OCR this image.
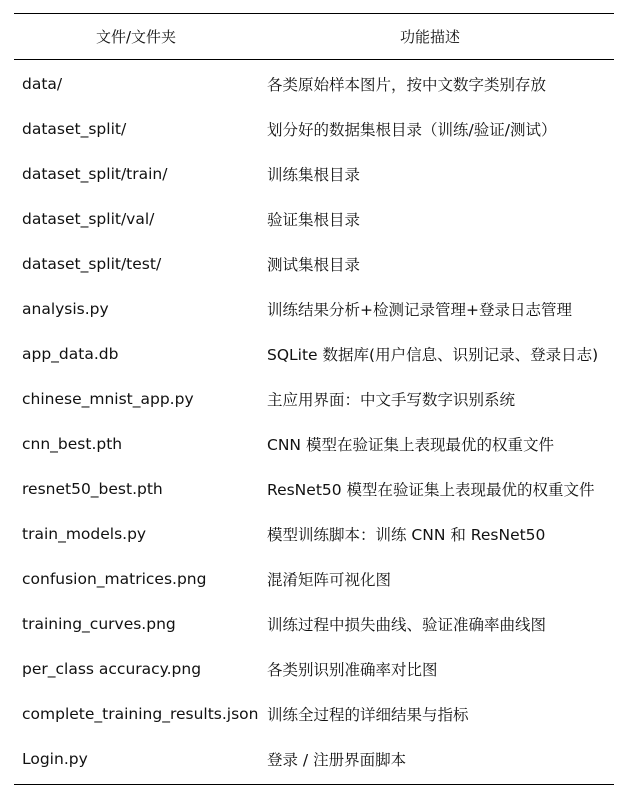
文件/文件夹	功能描述
data/	各类原始样本图片，按中文数字类别存放
dataset_split/	划分好的数据集根目录（训练/验证/测试）
dataset_split/train/	训练集根目录
dataset_split/val/	验证集根目录
dataset_split/test/	测试集根目录
analysis.py	训练结果分析+检测记录管理+登录日志管理
app_data.db	SQLite 数据库(用户信息、识别记录、登录日志)
chinese_mnist_app.py	主应用界面：中文手写数字识别系统
cnn_best.pth	CNN 模型在验证集上表现最优的权重文件
resnet50_best.pth	ResNet50 模型在验证集上表现最优的权重文件
train_models.py	模型训练脚本：训练 CNN 和 ResNet50
confusion_matrices.png	混淆矩阵可视化图
training_curves.png	训练过程中损失曲线、验证准确率曲线图
per_class accuracy.png	各类别识别准确率对比图
complete_training_results.json 训练全过程的详细结果与指标
Login.py	登录 / 注册界面脚本
